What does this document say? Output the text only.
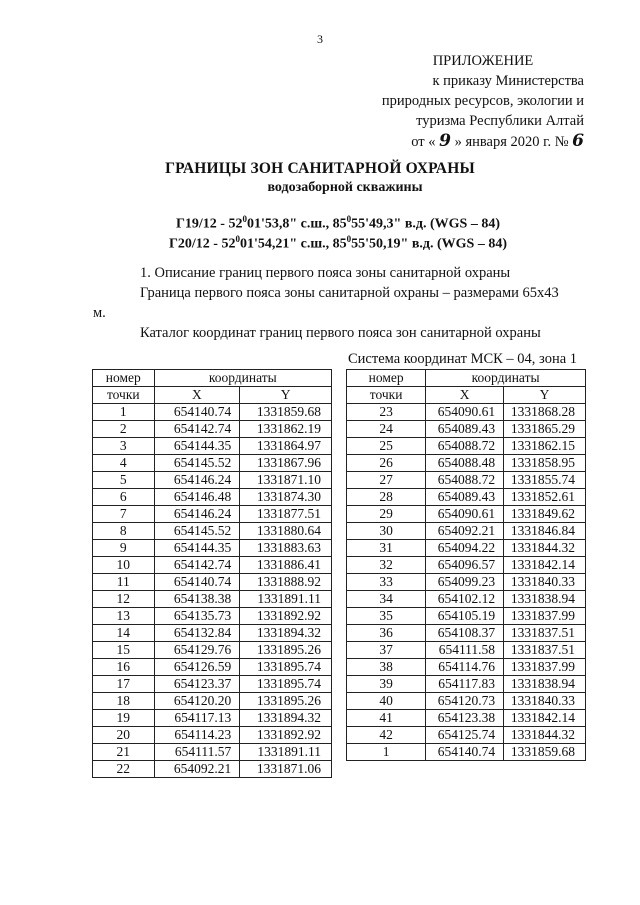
3
ПРИЛОЖЕНИЕ
к приказу Министерства
природных ресурсов, экологии и
туризма Республики Алтай
от « 9 » января 2020 г. № 6
ГРАНИЦЫ ЗОН САНИТАРНОЙ ОХРАНЫ
водозаборной скважины
$Г19/12 - 52^001'53,8$" с.ш., $85^055'49,3$" в.д. (WGS – 84)
$Г20/12 - 52^001'54,21$" с.ш., $85^055'50,19$" в.д. (WGS – 84)
1. Описание границ первого пояса зоны санитарной охраны
Граница первого пояса зоны санитарной охраны – размерами 65х43
м.
Каталог координат границ первого пояса зон санитарной охраны
Система координат МСК – 04, зона 1
номер	координаты	
точки	X	Y
1	654140.74	1331859.68
2	654142.74	1331862.19
3	654144.35	1331864.97
4	654145.52	1331867.96
5	654146.24	1331871.10
6	654146.48	1331874.30
7	654146.24	1331877.51
8	654145.52	1331880.64
9	654144.35	1331883.63
10	654142.74	1331886.41
11	654140.74	1331888.92
12	654138.38	1331891.11
13	654135.73	1331892.92
14	654132.84	1331894.32
15	654129.76	1331895.26
16	654126.59	1331895.74
17	654123.37	1331895.74
18	654120.20	1331895.26
19	654117.13	1331894.32
20	654114.23	1331892.92
21	654111.57	1331891.11
22	654092.21	1331871.06
номер	координаты	
точки	X	Y
23	654090.61	1331868.28
24	654089.43	1331865.29
25	654088.72	1331862.15
26	654088.48	1331858.95
27	654088.72	1331855.74
28	654089.43	1331852.61
29	654090.61	1331849.62
30	654092.21	1331846.84
31	654094.22	1331844.32
32	654096.57	1331842.14
33	654099.23	1331840.33
34	654102.12	1331838.94
35	654105.19	1331837.99
36	654108.37	1331837.51
37	654111.58	1331837.51
38	654114.76	1331837.99
39	654117.83	1331838.94
40	654120.73	1331840.33
41	654123.38	1331842.14
42	654125.74	1331844.32
1	654140.74	1331859.68
